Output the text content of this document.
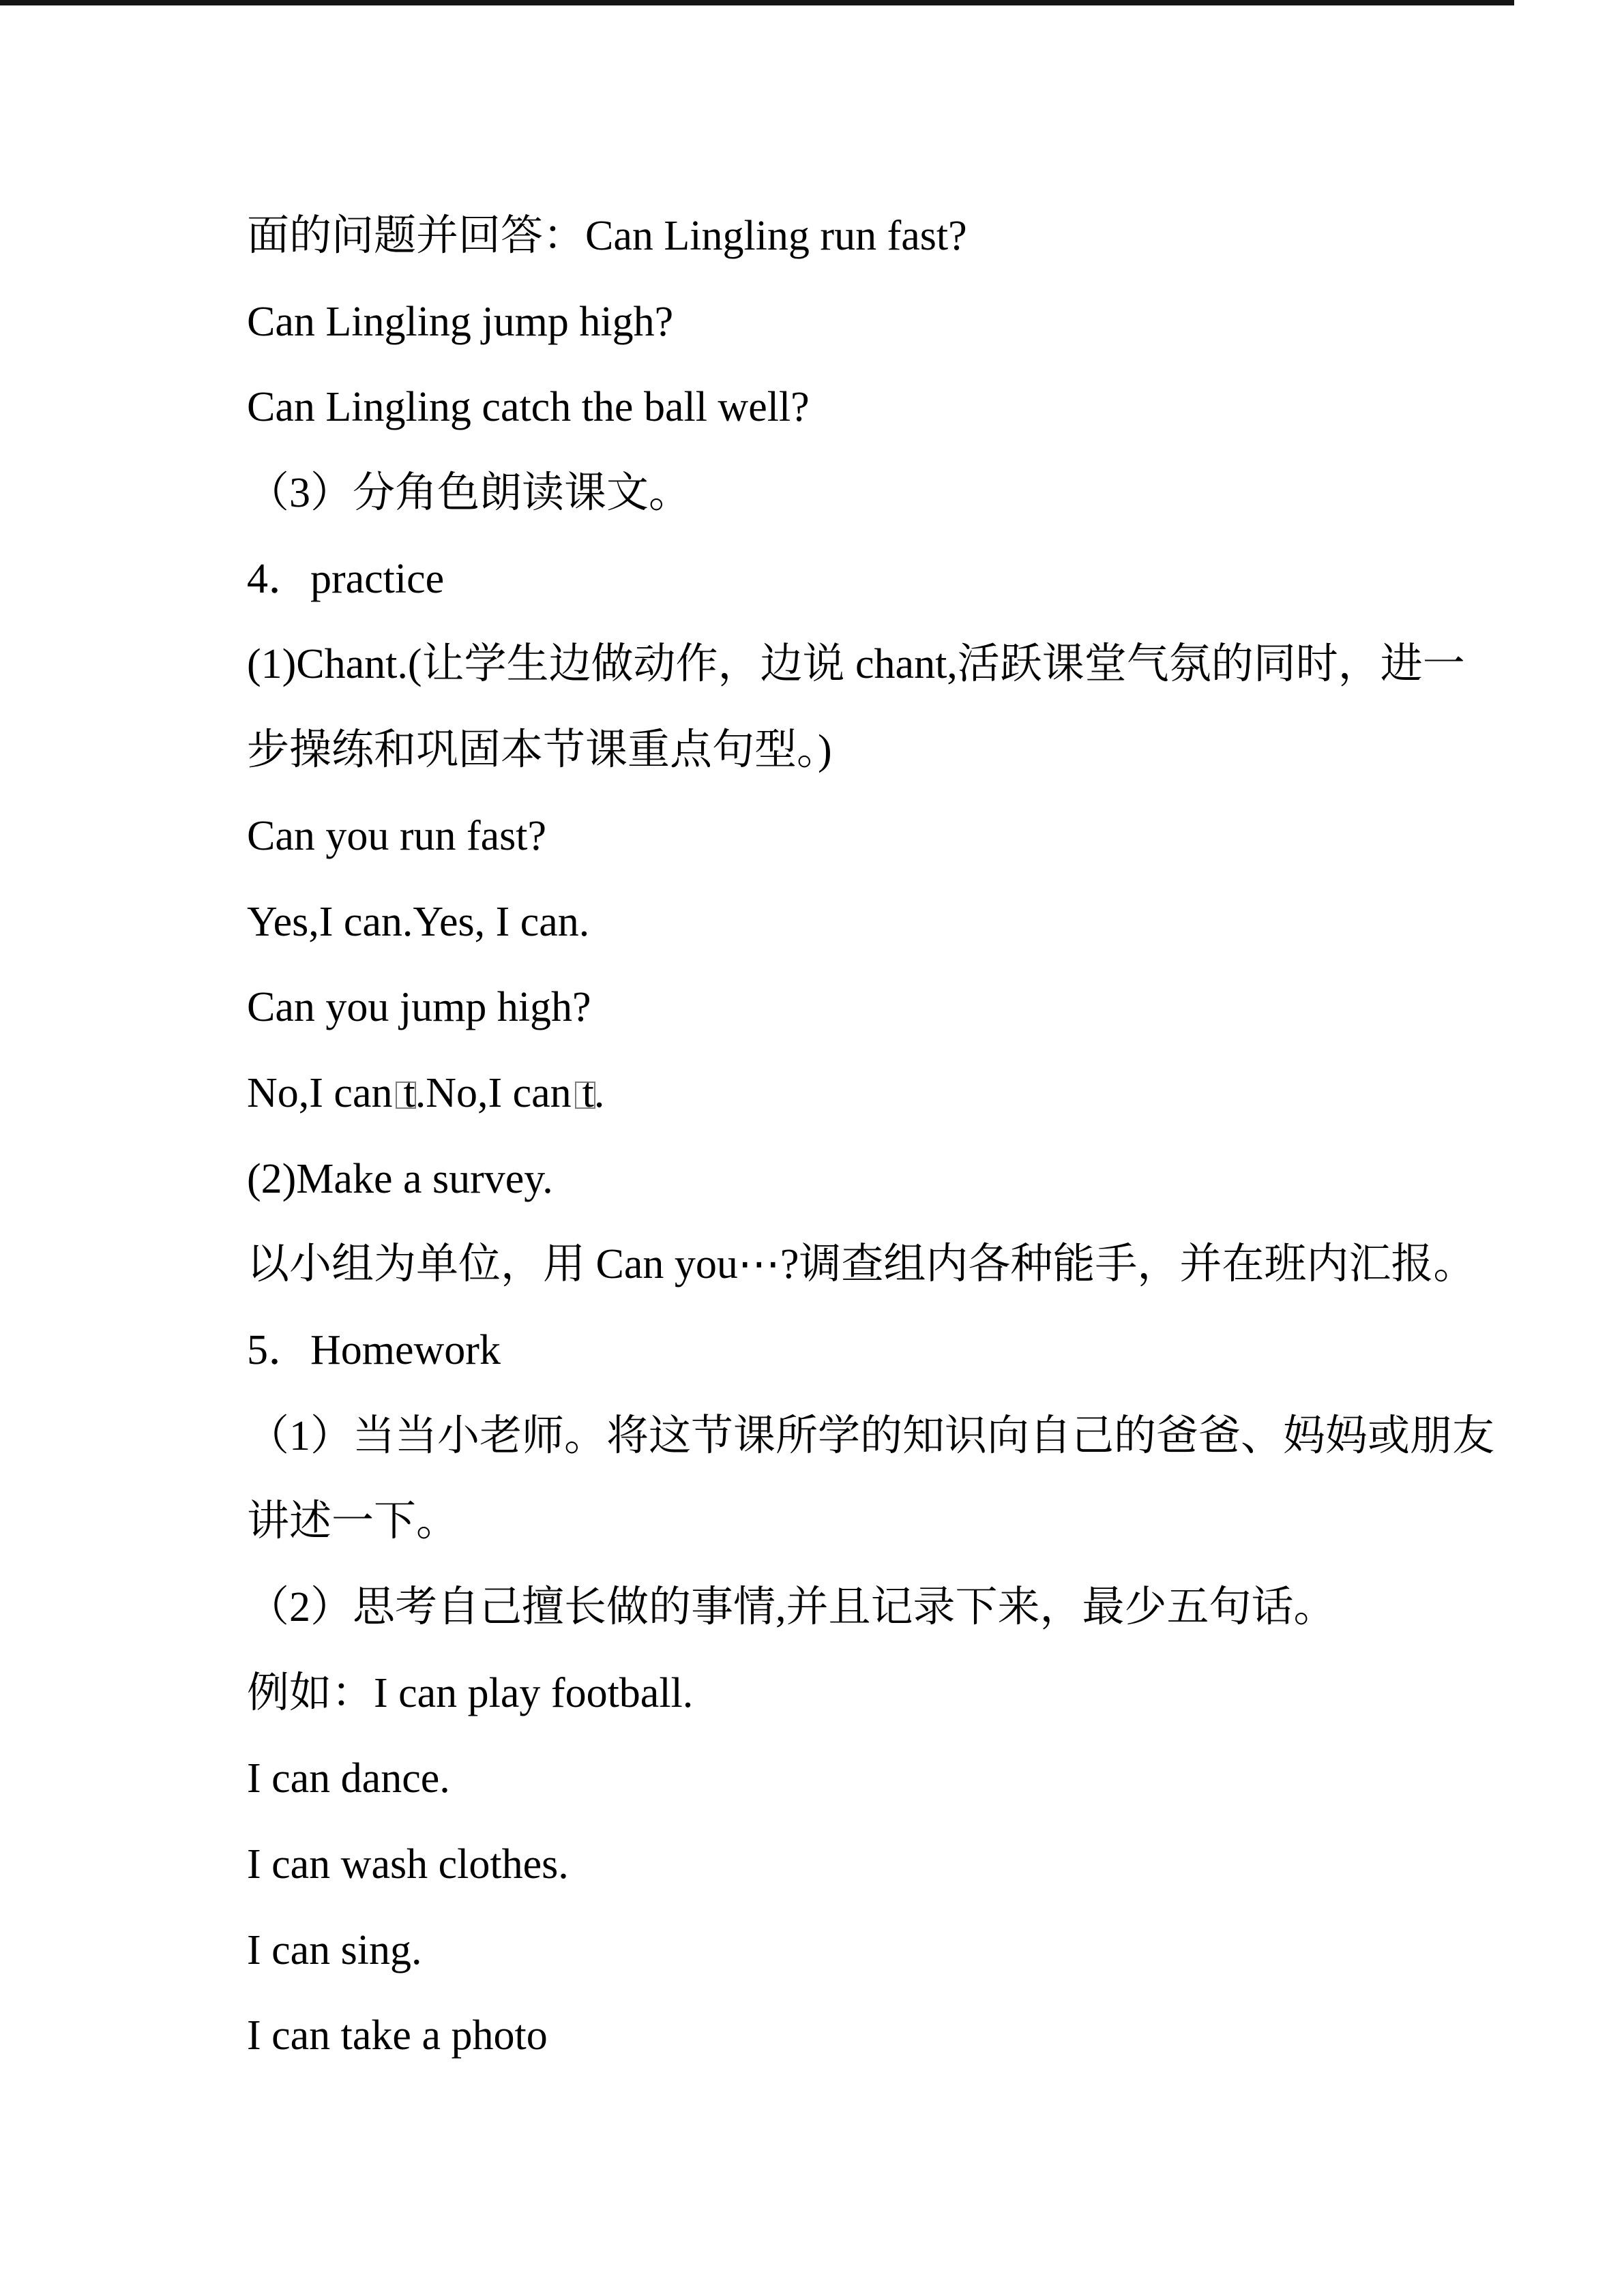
面的问题并回答：Can Lingling run fast?
Can Lingling jump high?
Can Lingling catch the ball well?
（3）分角色朗读课文。
4．practice
(1)Chant.(让学生边做动作，边说 chant,活跃课堂气氛的同时，进一
步操练和巩固本节课重点句型。)
Can you run fast?
Yes,I can.Yes, I can.
Can you jump high?
No,I can t.No,I can t.
(2)Make a survey.
以小组为单位，用 Can you⋯?调查组内各种能手，并在班内汇报。
5．Homework
（1）当当小老师。将这节课所学的知识向自己的爸爸、妈妈或朋友
讲述一下。
（2）思考自己擅长做的事情,并且记录下来，最少五句话。
例如：I can play football.
I can dance.
I can wash clothes.
I can sing.
I can take a photo
